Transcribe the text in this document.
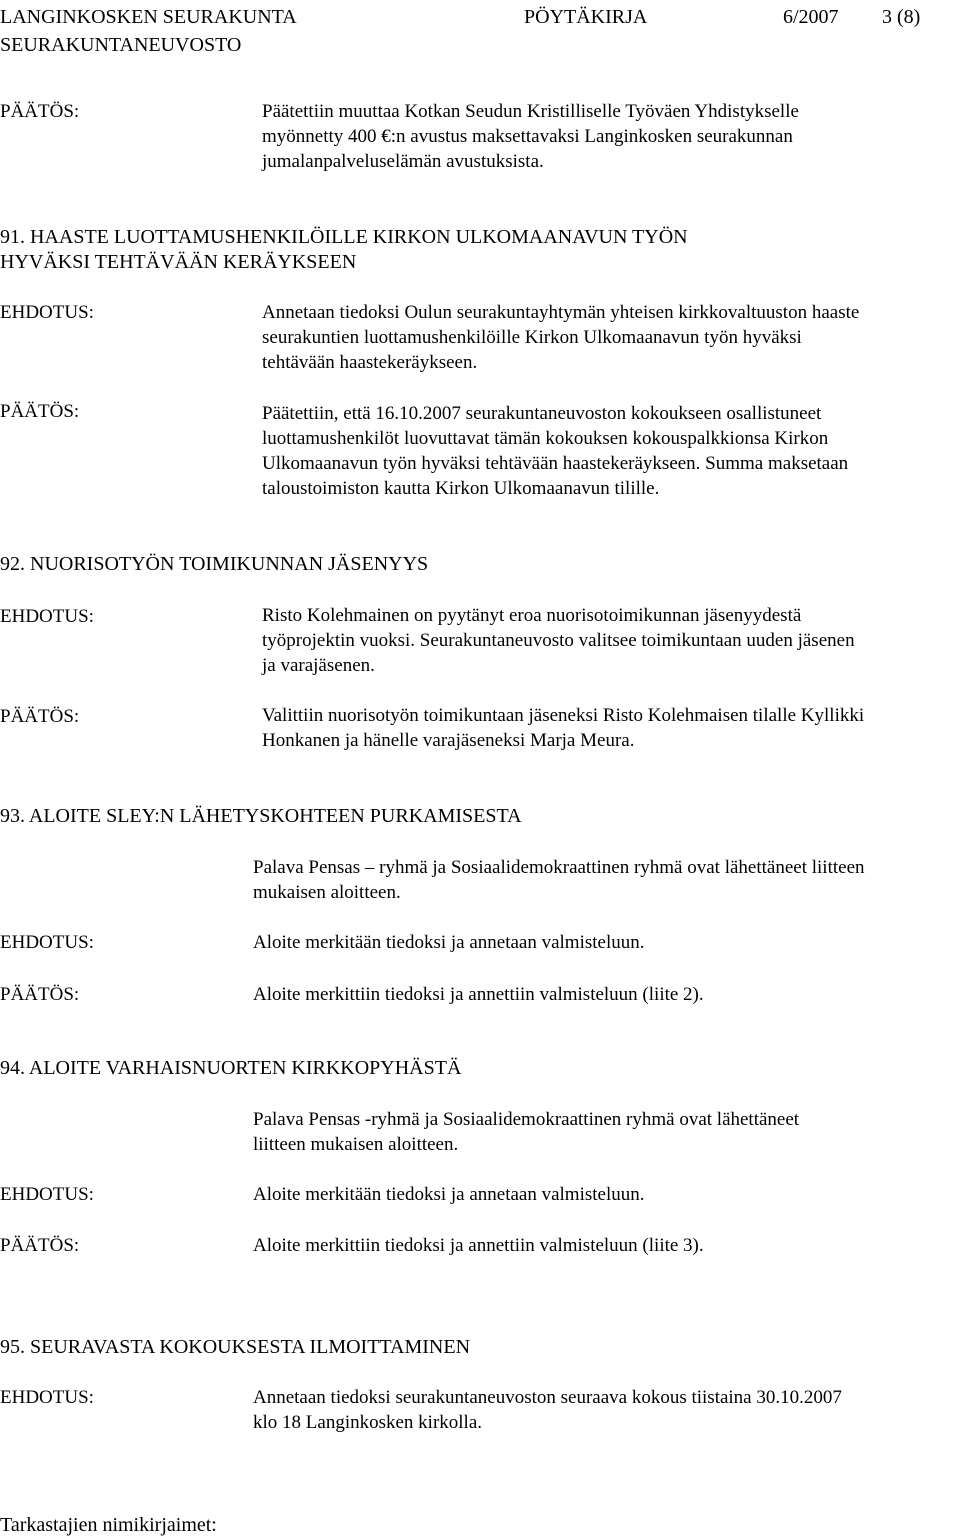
LANGINKOSKEN SEURAKUNTA	PÖYTÄKIRJA	6/2007 3 (8)
SEURAKUNTANEUVOSTO
PÄÄTÖS:	Päätettiin muuttaa Kotkan Seudun Kristilliselle Työväen Yhdistykselle
myönnetty 400 €:n avustus maksettavaksi Langinkosken seurakunnan
jumalanpalveluselämän avustuksista.
91. HAASTE LUOTTAMUSHENKILÖILLE KIRKON ULKOMAANAVUN TYÖN
HYVÄKSI TEHTÄVÄÄN KERÄYKSEEN
EHDOTUS:	Annetaan tiedoksi Oulun seurakuntayhtymän yhteisen kirkkovaltuuston haaste
seurakuntien luottamushenkilöille Kirkon Ulkomaanavun työn hyväksi
tehtävään haastekeräykseen.
PÄÄTÖS:	Päätettiin, että 16.10.2007 seurakuntaneuvoston kokoukseen osallistuneet
luottamushenkilöt luovuttavat tämän kokouksen kokouspalkkionsa Kirkon
Ulkomaanavun työn hyväksi tehtävään haastekeräykseen. Summa maksetaan
taloustoimiston kautta Kirkon Ulkomaanavun tilille.
92. NUORISOTYÖN TOIMIKUNNAN JÄSENYYS
EHDOTUS:	Risto Kolehmainen on pyytänyt eroa nuorisotoimikunnan jäsenyydestä
työprojektin vuoksi. Seurakuntaneuvosto valitsee toimikuntaan uuden jäsenen
ja varajäsenen.
PÄÄTÖS:	Valittiin nuorisotyön toimikuntaan jäseneksi Risto Kolehmaisen tilalle Kyllikki
Honkanen ja hänelle varajäseneksi Marja Meura.
93. ALOITE SLEY:N LÄHETYSKOHTEEN PURKAMISESTA
Palava Pensas – ryhmä ja Sosiaalidemokraattinen ryhmä ovat lähettäneet liitteen
mukaisen aloitteen.
EHDOTUS:	Aloite merkitään tiedoksi ja annetaan valmisteluun.
PÄÄTÖS:	Aloite merkittiin tiedoksi ja annettiin valmisteluun (liite 2).
94. ALOITE VARHAISNUORTEN KIRKKOPYHÄSTÄ
Palava Pensas -ryhmä ja Sosiaalidemokraattinen ryhmä ovat lähettäneet
liitteen mukaisen aloitteen.
EHDOTUS:	Aloite merkitään tiedoksi ja annetaan valmisteluun.
PÄÄTÖS:	Aloite merkittiin tiedoksi ja annettiin valmisteluun (liite 3).
95. SEURAVASTA KOKOUKSESTA ILMOITTAMINEN
EHDOTUS:	Annetaan tiedoksi seurakuntaneuvoston seuraava kokous tiistaina 30.10.2007
klo 18 Langinkosken kirkolla.
Tarkastajien nimikirjaimet:
